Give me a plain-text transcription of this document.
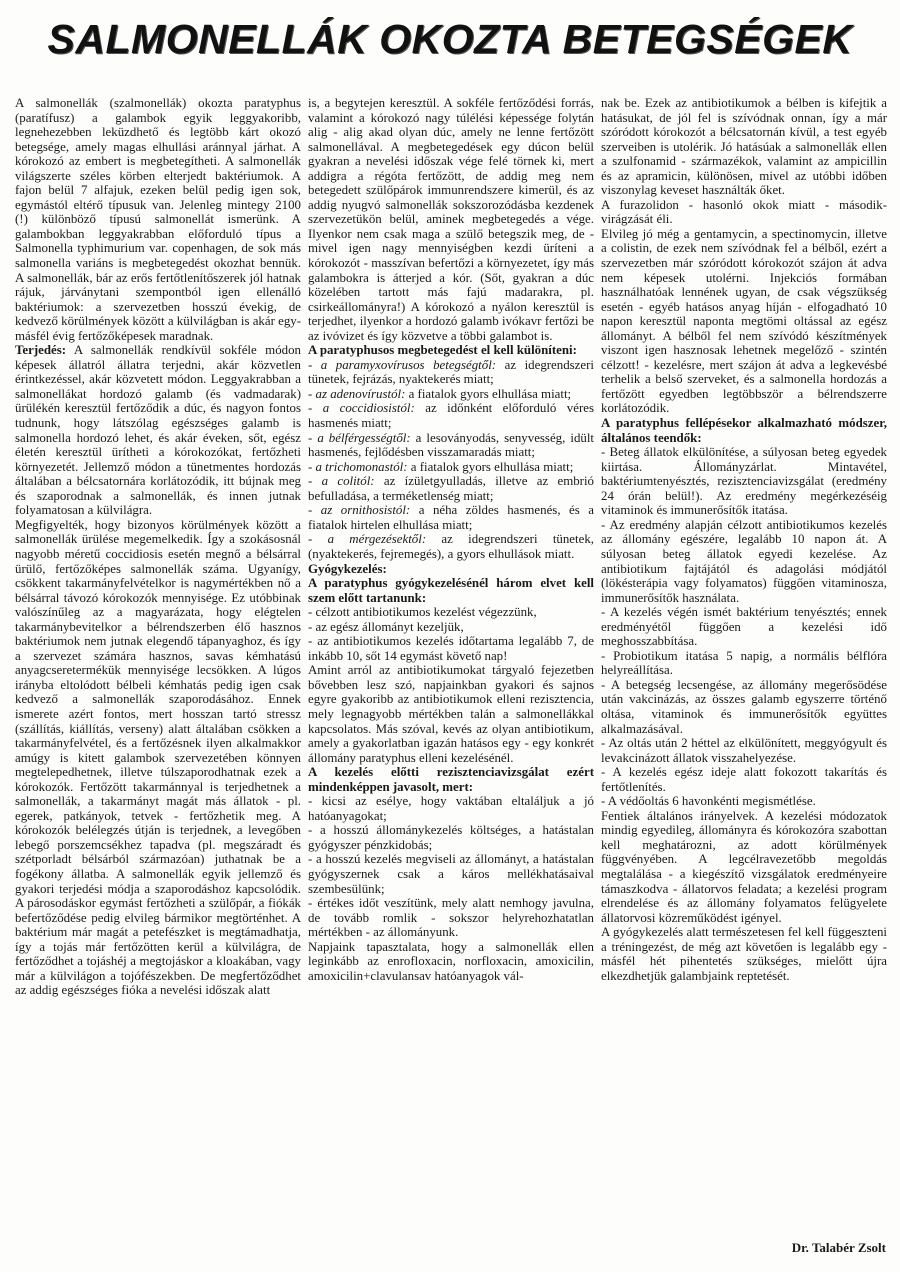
SALMONELLÁK OKOZTA BETEGSÉGEK

A salmonellák (szalmonellák) okozta paratyphus (paratífusz) a galambok egyik leggyakoribb, legnehezebben leküzdhető és legtöbb kárt okozó betegsége, amely magas elhullási aránnyal járhat. A kórokozó az embert is megbetegítheti. A salmonellák világszerte széles körben elterjedt baktériumok. A fajon belül 7 alfajuk, ezeken belül pedig igen sok, egymástól eltérő típusuk van. Jelenleg mintegy 2100 (!) különböző típusú salmonellát ismerünk. A galambokban leggyakrabban előforduló típus a Salmonella typhimurium var. copenhagen, de sok más salmonella variáns is megbetegedést okozhat bennük. A salmonellák, bár az erős fertőtlenítőszerek jól hatnak rájuk, járványtani szempontból igen ellenálló baktériumok: a szervezetben hosszú évekig, de kedvező körülmények között a külvilágban is akár egy-másfél évig fertőzőképesek maradnak.

Terjedés: A salmonellák rendkívül sokféle módon képesek állatról állatra terjedni, akár közvetlen érintkezéssel, akár közvetett módon. Leggyakrabban a salmonellákat hordozó galamb (és vadmadarak) ürülékén keresztül fertőződik a dúc, és nagyon fontos tudnunk, hogy látszólag egészséges galamb is salmonella hordozó lehet, és akár éveken, sőt, egész életén keresztül ürítheti a kórokozókat, fertőzheti környezetét. Jellemző módon a tünetmentes hordozás általában a bélcsatornára korlátozódik, itt bújnak meg és szaporodnak a salmonellák, és innen jutnak folyamatosan a külvilágra.

Megfigyelték, hogy bizonyos körülmények között a salmonellák ürülése megemelkedik. Így a szokásosnál nagyobb méretű coccidiosis esetén megnő a bélsárral ürülő, fertőzőképes salmonellák száma. Ugyanígy, csökkent takarmányfelvételkor is nagymértékben nő a bélsárral távozó kórokozók mennyisége. Ez utóbbinak valószínűleg az a magyarázata, hogy elégtelen takarmánybevitelkor a bélrendszerben élő hasznos baktériumok nem jutnak elegendő tápanyaghoz, és így a szervezet számára hasznos, savas kémhatású anyagcseretermékük mennyisége lecsökken. A lúgos irányba eltolódott bélbeli kémhatás pedig igen csak kedvező a salmonellák szaporodásához. Ennek ismerete azért fontos, mert hosszan tartó stressz (szállítás, kiállítás, verseny) alatt általában csökken a takarmányfelvétel, és a fertőzésnek ilyen alkalmakkor amúgy is kitett galambok szervezetében könnyen megtelepedhetnek, illetve túlszaporodhatnak ezek a kórokozók. Fertőzött takarmánnyal is terjedhetnek a salmonellák, a takarmányt magát más állatok - pl. egerek, patkányok, tetvek - fertőzhetik meg. A kórokozók belélegzés útján is terjednek, a levegőben lebegő porszemcsékhez tapadva (pl. megszáradt és szétporladt bélsárból származóan) juthatnak be a fogékony állatba. A salmonellák egyik jellemző és gyakori terjedési módja a szaporodáshoz kapcsolódik. A párosodáskor egymást fertőzheti a szülőpár, a fiókák befertőződése pedig elvileg bármikor megtörténhet. A baktérium már magát a petefészket is megtámadhatja, így a tojás már fertőzötten kerül a külvilágra, de fertőződhet a tojáshéj a megtojáskor a kloakában, vagy már a külvilágon a tojófészekben. De megfertőződhet az addig egészséges fióka a nevelési időszak alatt

is, a begytejen keresztül. A sokféle fertőződési forrás, valamint a kórokozó nagy túlélési képessége folytán alig - alig akad olyan dúc, amely ne lenne fertőzött salmonellával. A megbetegedések egy dúcon belül gyakran a nevelési időszak vége felé törnek ki, mert addigra a régóta fertőzött, de addig meg nem betegedett szülőpárok immunrendszere kimerül, és az addig nyugvó salmonellák sokszorozódásba kezdenek szervezetükön belül, aminek megbetegedés a vége. Ilyenkor nem csak maga a szülő betegszik meg, de - mivel igen nagy mennyiségben kezdi üríteni a kórokozót - masszívan befertőzi a környezetet, így más galambokra is átterjed a kór. (Sőt, gyakran a dúc közelében tartott más fajú madarakra, pl. csirkeállományra!) A kórokozó a nyálon keresztül is terjedhet, ilyenkor a hordozó galamb ivókavr fertőzi be az ivóvizet és így közvetve a többi galambot is.

A paratyphusos megbetegedést el kell különíteni:

- a paramyxovírusos betegségtől: az idegrendszeri tünetek, fejrázás, nyaktekerés miatt;

- az adenovírustól: a fiatalok gyors elhullása miatt;

- a coccidiosistól: az időnként előforduló véres hasmenés miatt;

- a bélférgességtől: a lesoványodás, senyvesség, idült hasmenés, fejlődésben visszamaradás miatt;

- a trichomonastól: a fiatalok gyors elhullása miatt;

- a colitól: az ízületgyulladás, illetve az embrió befulladása, a terméketlenség miatt;

- az ornithosistól: a néha zöldes hasmenés, és a fiatalok hirtelen elhullása miatt;

- a mérgezésektől: az idegrendszeri tünetek, (nyaktekerés, fejremegés), a gyors elhullások miatt.

Gyógykezelés:

A paratyphus gyógykezelésénél három elvet kell szem előtt tartanunk:

- célzott antibiotikumos kezelést végezzünk,

- az egész állományt kezeljük,

- az antibiotikumos kezelés időtartama legalább 7, de inkább 10, sőt 14 egymást követő nap!

Amint arról az antibiotikumokat tárgyaló fejezetben bővebben lesz szó, napjainkban gyakori és sajnos egyre gyakoribb az antibiotikumok elleni rezisztencia, mely legnagyobb mértékben talán a salmonellákkal kapcsolatos. Más szóval, kevés az olyan antibiotikum, amely a gyakorlatban igazán hatásos egy - egy konkrét állomány paratyphus elleni kezelésénél.

A kezelés előtti rezisztenciavizsgálat ezért mindenképpen javasolt, mert:

- kicsi az esélye, hogy vaktában eltaláljuk a jó hatóanyagokat;

- a hosszú állománykezelés költséges, a hatástalan gyógyszer pénzkidobás;

- a hosszú kezelés megviseli az állományt, a hatástalan gyógyszernek csak a káros mellékhatásaival szembesülünk;

- értékes időt veszítünk, mely alatt nemhogy javulna, de tovább romlik - sokszor helyrehozhatatlan mértékben - az állományunk.

Napjaink tapasztalata, hogy a salmonellák ellen leginkább az enrofloxacin, norfloxacin, amoxicilin, amoxicilin+clavulansav hatóanyagok vál-

nak be. Ezek az antibiotikumok a bélben is kifejtik a hatásukat, de jól fel is szívódnak onnan, így a már szóródott kórokozót a bélcsatornán kívül, a test egyéb szerveiben is utolérik. Jó hatásúak a salmonellák ellen a szulfonamid - származékok, valamint az ampicillin és az apramicin, különösen, mivel az utóbbi időben viszonylag keveset használták őket.

A furazolidon - hasonló okok miatt - másodikvirágzását éli.

Elvileg jó még a gentamycin, a spectinomycin, illetve a colistin, de ezek nem szívódnak fel a bélből, ezért a szervezetben már szóródott kórokozót szájon át adva nem képesek utolérni. Injekciós formában használhatóak lennének ugyan, de csak végszükség esetén - egyéb hatásos anyag híján - elfogadható 10 napon keresztül naponta megtömi oltással az egész állományt. A bélből fel nem szívódó készítmények viszont igen hasznosak lehetnek megelőző - szintén célzott! - kezelésre, mert szájon át adva a legkevésbé terhelik a belső szerveket, és a salmonella hordozás a fertőzött egyedben legtöbbször a bélrendszerre korlátozódik.

A paratyphus fellépésekor alkalmazható módszer, általános teendők:

- Beteg állatok elkülönítése, a súlyosan beteg egyedek kiirtása. Állományzárlat. Mintavétel, baktériumtenyésztés, rezisztenciavizsgálat (eredmény 24 órán belül!). Az eredmény megérkezéséig vitaminok és immunerősítők itatása.

- Az eredmény alapján célzott antibiotikumos kezelés az állomány egészére, legalább 10 napon át. A súlyosan beteg állatok egyedi kezelése. Az antibiotikum fajtájától és adagolási módjától (lökésterápia vagy folyamatos) függően vitaminosza, immunerősítők használata.

- A kezelés végén ismét baktérium tenyésztés; ennek eredményétől függően a kezelési idő meghosszabbítása.

- Probiotikum itatása 5 napig, a normális bélflóra helyreállítása.

- A betegség lecsengése, az állomány megerősödése után vakcinázás, az összes galamb egyszerre történő oltása, vitaminok és immunerősítők együttes alkalmazásával.

- Az oltás után 2 héttel az elkülönített, meggyógyult és levakcinázott állatok visszahelyezése.

- A kezelés egész ideje alatt fokozott takarítás és fertőtlenítés.

- A védőoltás 6 havonkénti megismétlése.

Fentiek általános irányelvek. A kezelési módozatok mindig egyedileg, állományra és kórokozóra szabottan kell meghatározni, az adott körülmények függvényében. A legcélravezetőbb megoldás megtalálása - a kiegészítő vizsgálatok eredményeire támaszkodva - állatorvos feladata; a kezelési program elrendelése és az állomány folyamatos felügyelete állatorvosi közreműködést igényel.

A gyógykezelés alatt természetesen fel kell függeszteni a tréningezést, de még azt követően is legalább egy - másfél hét pihentetés szükséges, mielőtt újra elkezdhetjük galambjaink reptetését.

Dr. Talabér Zsolt
